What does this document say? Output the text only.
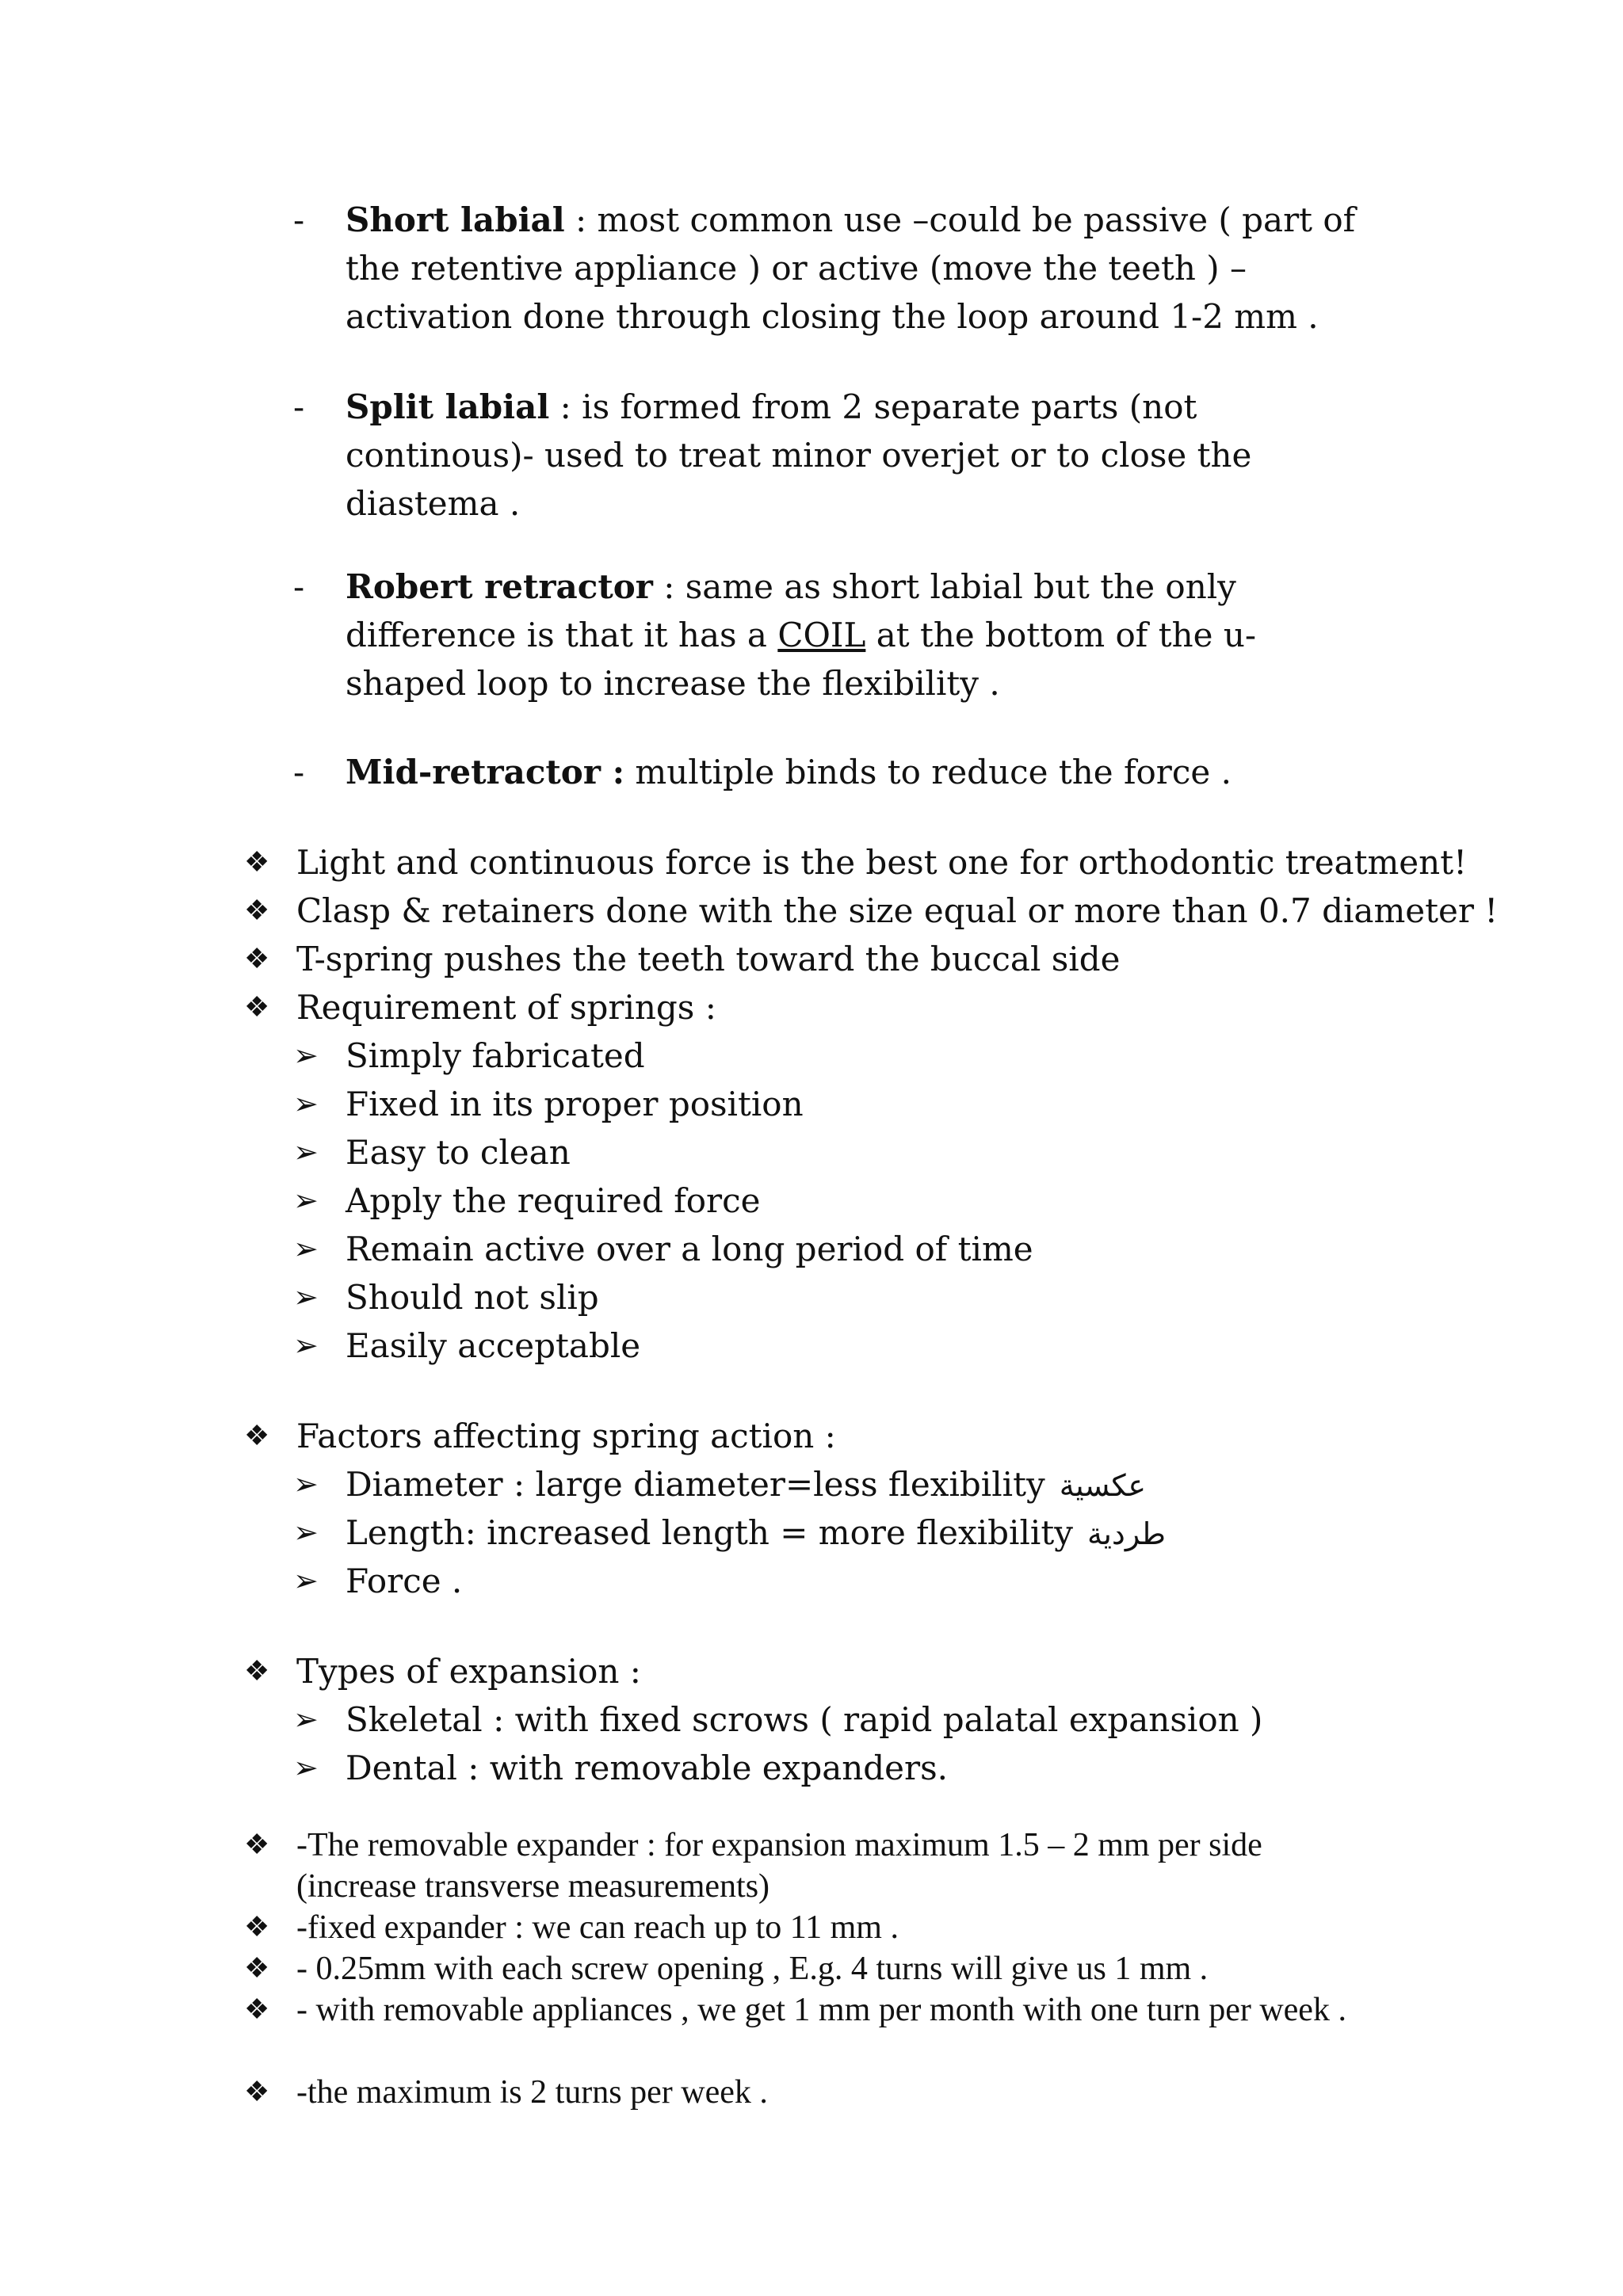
-	Short labial : most common use –could be passive ( part of the retentive appliance ) or active (move the teeth ) – activation done through closing the loop around 1-2 mm .
-	Split labial : is formed from 2 separate parts (not continous)- used to treat minor overjet or to close the diastema .
-	Robert retractor : same as short labial but the only difference is that it has a COIL at the bottom of the u-shaped loop to increase the flexibility .
-	Mid-retractor : multiple binds to reduce the force .
❖ Light and continuous force is the best one for orthodontic treatment!
❖ Clasp & retainers done with the size equal or more than 0.7 diameter !
❖ T-spring pushes the teeth toward the buccal side
❖ Requirement of springs :
➢ Simply fabricated
➢ Fixed in its proper position
➢ Easy to clean
➢ Apply the required force
➢ Remain active over a long period of time
➢ Should not slip
➢ Easily acceptable
❖ Factors affecting spring action :
➢ Diameter : large diameter=less flexibility عكسية
➢ Length: increased length = more flexibility طردية
➢ Force .
❖ Types of expansion :
➢ Skeletal : with fixed scrows ( rapid palatal expansion )
➢ Dental : with removable expanders.
❖ -The removable expander : for expansion maximum 1.5 – 2 mm per side (increase transverse measurements)
❖ -fixed expander : we can reach up to 11 mm .
❖ - 0.25mm with each screw opening , E.g. 4 turns will give us 1 mm .
❖ - with removable appliances , we get 1 mm per month with one turn per week .
❖ -the maximum is 2 turns per week .
